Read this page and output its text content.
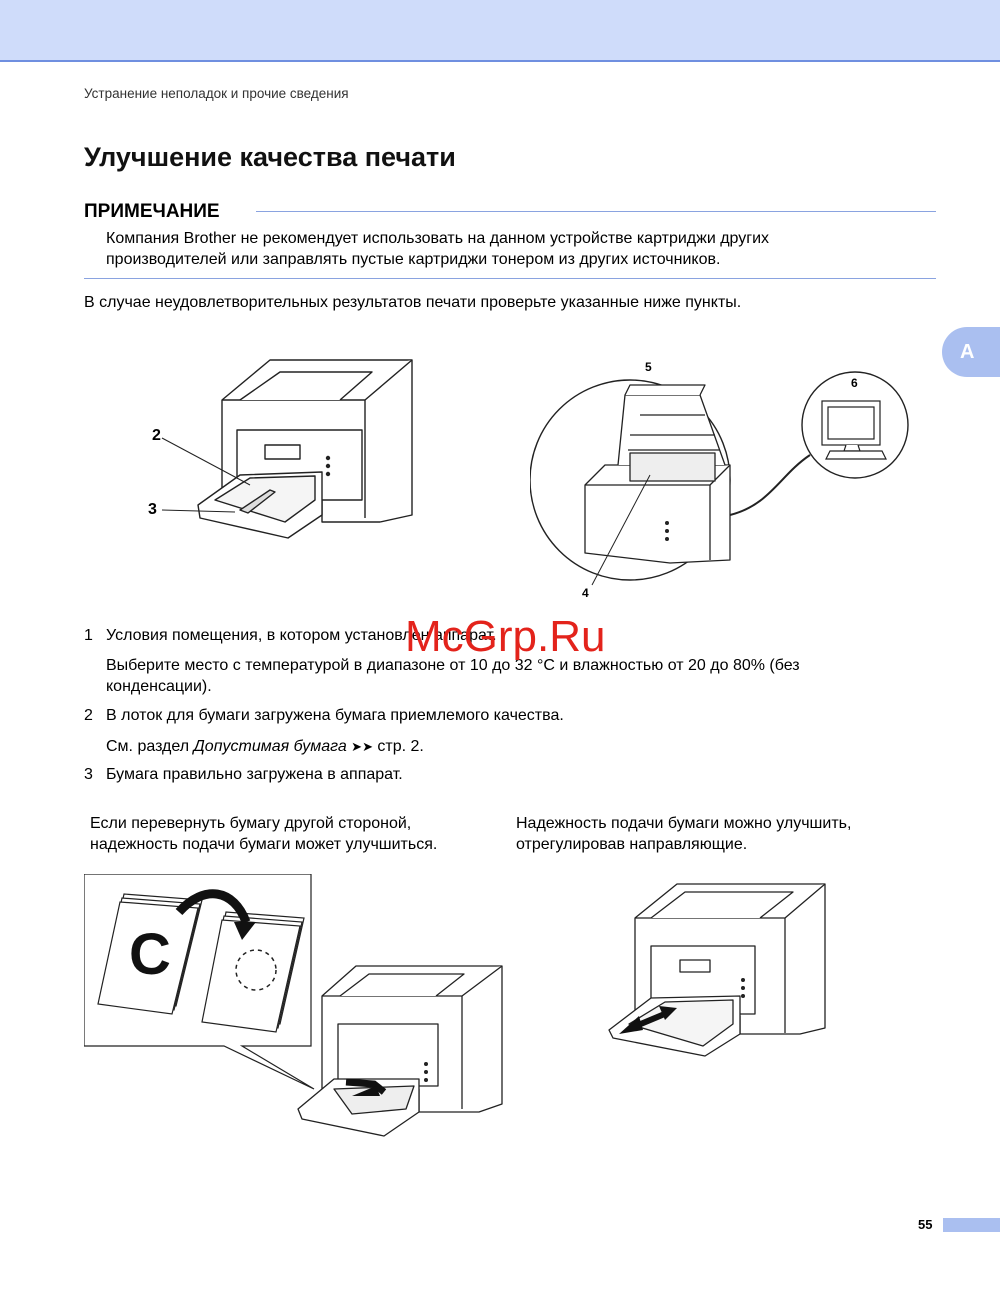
Устранение неполадок и прочие сведения
Улучшение качества печати
ПРИМЕЧАНИЕ
Компания Brother не рекомендует использовать на данном устройстве картриджи других
производителей или заправлять пустые картриджи тонером из других источников.
В случае неудовлетворительных результатов печати проверьте указанные ниже пункты.
A
2
3
4
5
6
1 Условия помещения, в котором установлен аппарат.
Выберите место с температурой в диапазоне от 10 до 32 °C и влажностью от 20 до 80% (без
конденсации).
2 В лоток для бумаги загружена бумага приемлемого качества.
См. раздел Допустимая бумага ➤➤ стр. 2.
3 Бумага правильно загружена в аппарат.
McGrp.Ru
Если перевернуть бумагу другой стороной,
надежность подачи бумаги может улучшиться.
Надежность подачи бумаги можно улучшить,
отрегулировав направляющие.
C
55
